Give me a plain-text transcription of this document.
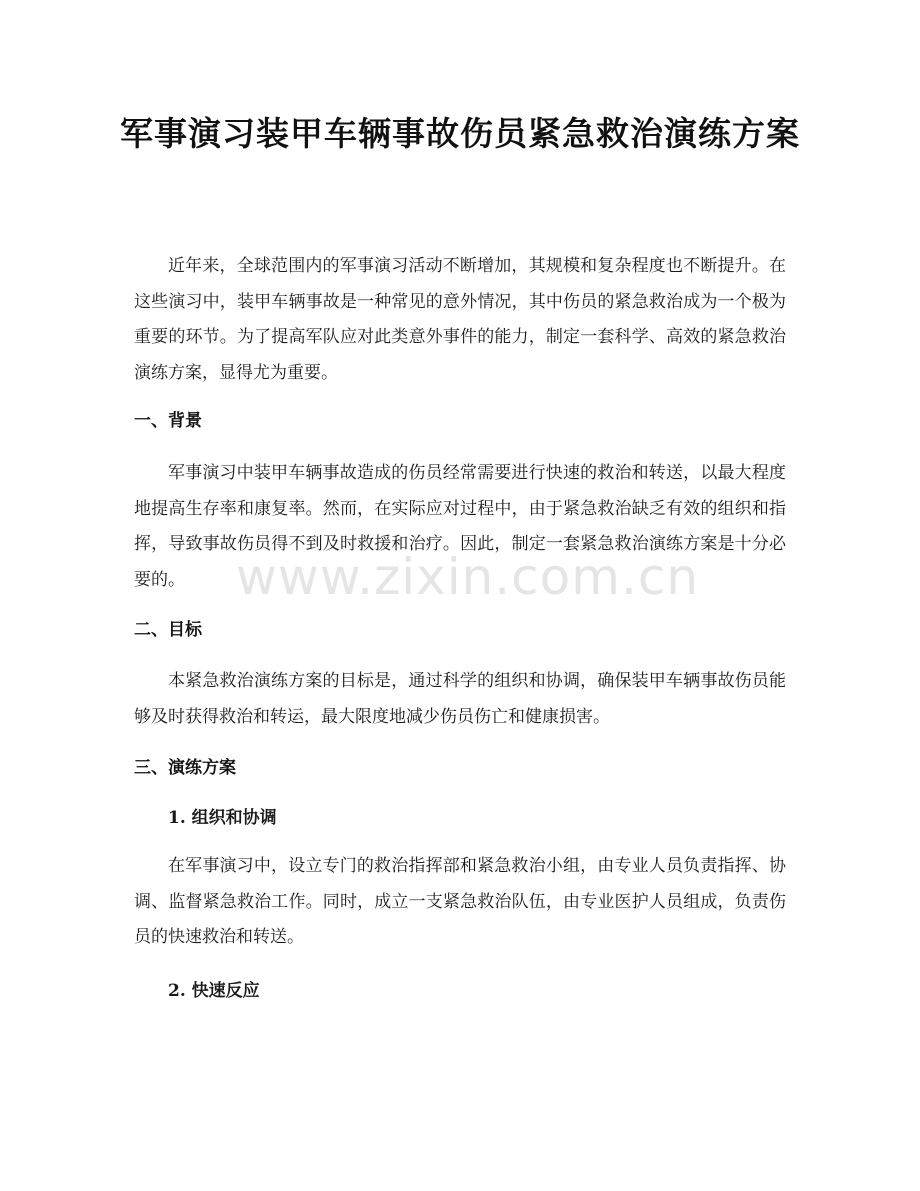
军事演习装甲车辆事故伤员紧急救治演练方案

近年来，全球范围内的军事演习活动不断增加，其规模和复杂程度也不断提升。在这些演习中，装甲车辆事故是一种常见的意外情况，其中伤员的紧急救治成为一个极为重要的环节。为了提高军队应对此类意外事件的能力，制定一套科学、高效的紧急救治演练方案，显得尤为重要。

一、背景

军事演习中装甲车辆事故造成的伤员经常需要进行快速的救治和转送，以最大程度地提高生存率和康复率。然而，在实际应对过程中，由于紧急救治缺乏有效的组织和指挥，导致事故伤员得不到及时救援和治疗。因此，制定一套紧急救治演练方案是十分必要的。

二、目标

本紧急救治演练方案的目标是，通过科学的组织和协调，确保装甲车辆事故伤员能够及时获得救治和转运，最大限度地减少伤员伤亡和健康损害。

三、演练方案
1. 组织和协调

在军事演习中，设立专门的救治指挥部和紧急救治小组，由专业人员负责指挥、协调、监督紧急救治工作。同时，成立一支紧急救治队伍，由专业医护人员组成，负责伤员的快速救治和转送。

2. 快速反应
www.zixin.com.cn
